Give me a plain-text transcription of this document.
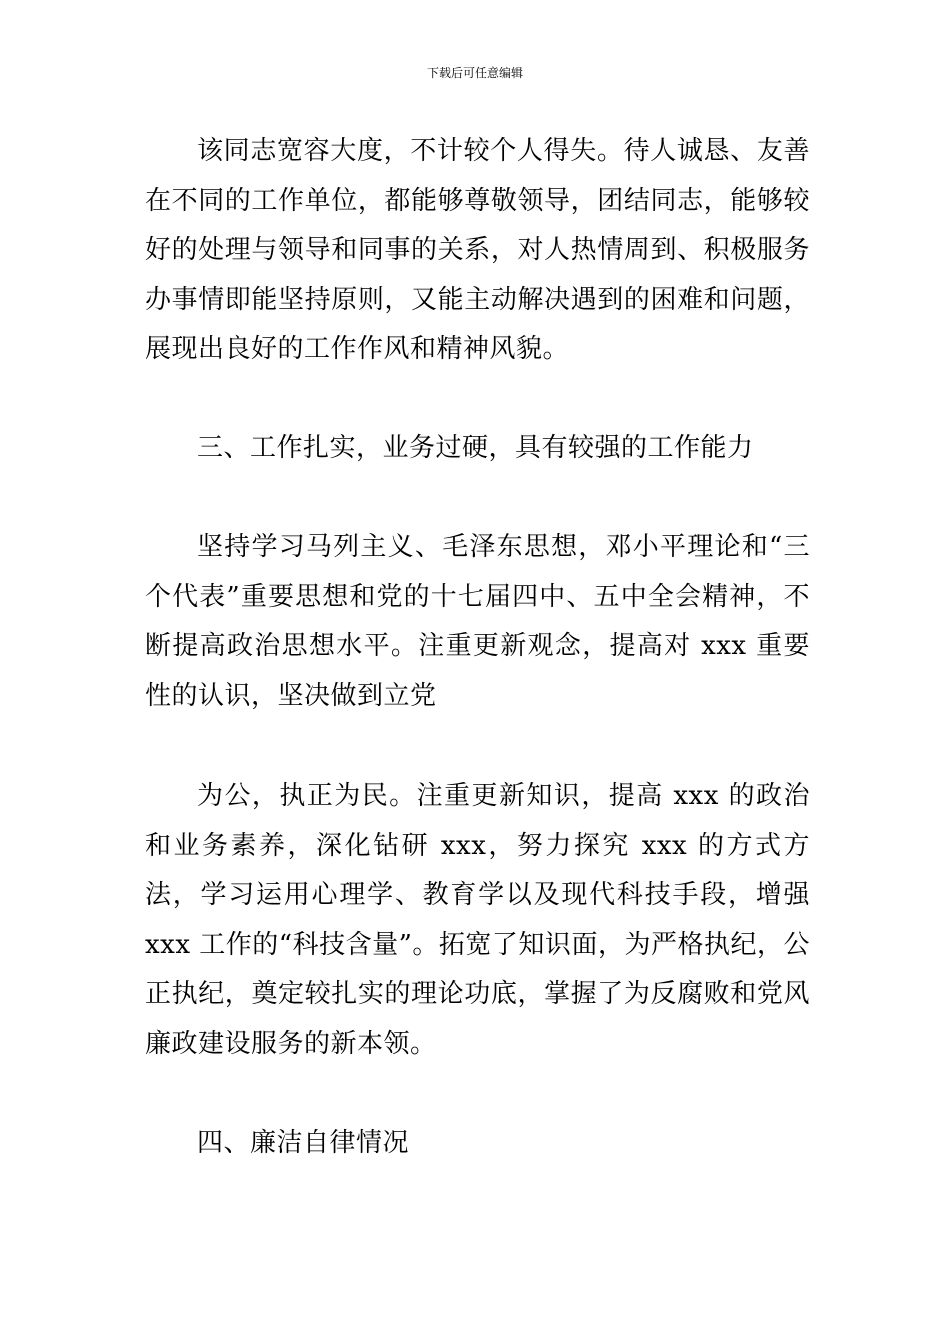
下载后可任意编辑

该同志宽容大度，不计较个人得失。待人诚恳、友善在不同的工作单位，都能够尊敬领导，团结同志，能够较好的处理与领导和同事的关系，对人热情周到、积极服务办事情即能坚持原则，又能主动解决遇到的困难和问题，展现出良好的工作作风和精神风貌。

三、工作扎实，业务过硬，具有较强的工作能力

坚持学习马列主义、毛泽东思想，邓小平理论和“三个代表”重要思想和党的十七届四中、五中全会精神，不断提高政治思想水平。注重更新观念，提高对 xxx 重要性的认识，坚决做到立党

为公，执正为民。注重更新知识，提高 xxx 的政治和业务素养，深化钻研 xxx，努力探究 xxx 的方式方法，学习运用心理学、教育学以及现代科技手段，增强 xxx 工作的“科技含量”。拓宽了知识面，为严格执纪，公正执纪，奠定较扎实的理论功底，掌握了为反腐败和党风廉政建设服务的新本领。

四、廉洁自律情况
